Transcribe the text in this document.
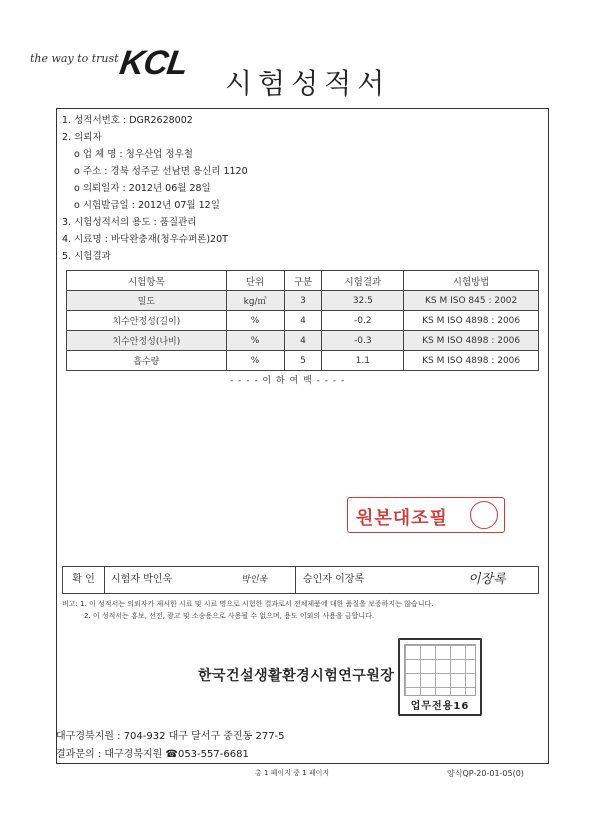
the way to trust
KCL
시험성적서
1. 성적서번호 : DGR2628002
2. 의뢰자
o 업 체 명 : 청우산업 정우철
o 주소 : 경북 성주군 선남면 용신리 1120
o 의뢰일자 : 2012년 06월 28일
o 시험발급일 : 2012년 07월 12일
3. 시험성적서의 용도 : 품질관리
4. 시료명 : 바닥완충재(청우슈퍼론)20T
5. 시험결과
시험항목	단위	구분	시험결과	시험방법
밀도	kg/㎥	3	32.5	KS M ISO 845 : 2002
치수안정성(길이)	%	4	-0.2	KS M ISO 4898 : 2006
치수안정성(나비)	%	4	-0.3	KS M ISO 4898 : 2006
흡수량	%	5	1.1	KS M ISO 4898 : 2006
- - - - 이 하 여 백 - - - -
원본대조필
확 인	시험자 박인욱	박인욱	승인자 이장록	이장록
비고: 1. 이 성적서는 의뢰자가 제시한 시료 및 시료 명으로 시험한 결과로서 전체제품에 대한 품질을 보증하지는 않습니다.
2. 이 성적서는 홍보, 선전, 광고 및 소송용으로 사용될 수 없으며, 용도 이외의 사용을 금합니다.
한국건설생활환경시험연구원장
업무전용16
대구경북지원 : 704-932 대구 달서구 중진동 277-5
결과문의 : 대구경북지원 ☎053-557-6681
총 1 페이지 중 1 페이지	양식QP-20-01-05(0)
